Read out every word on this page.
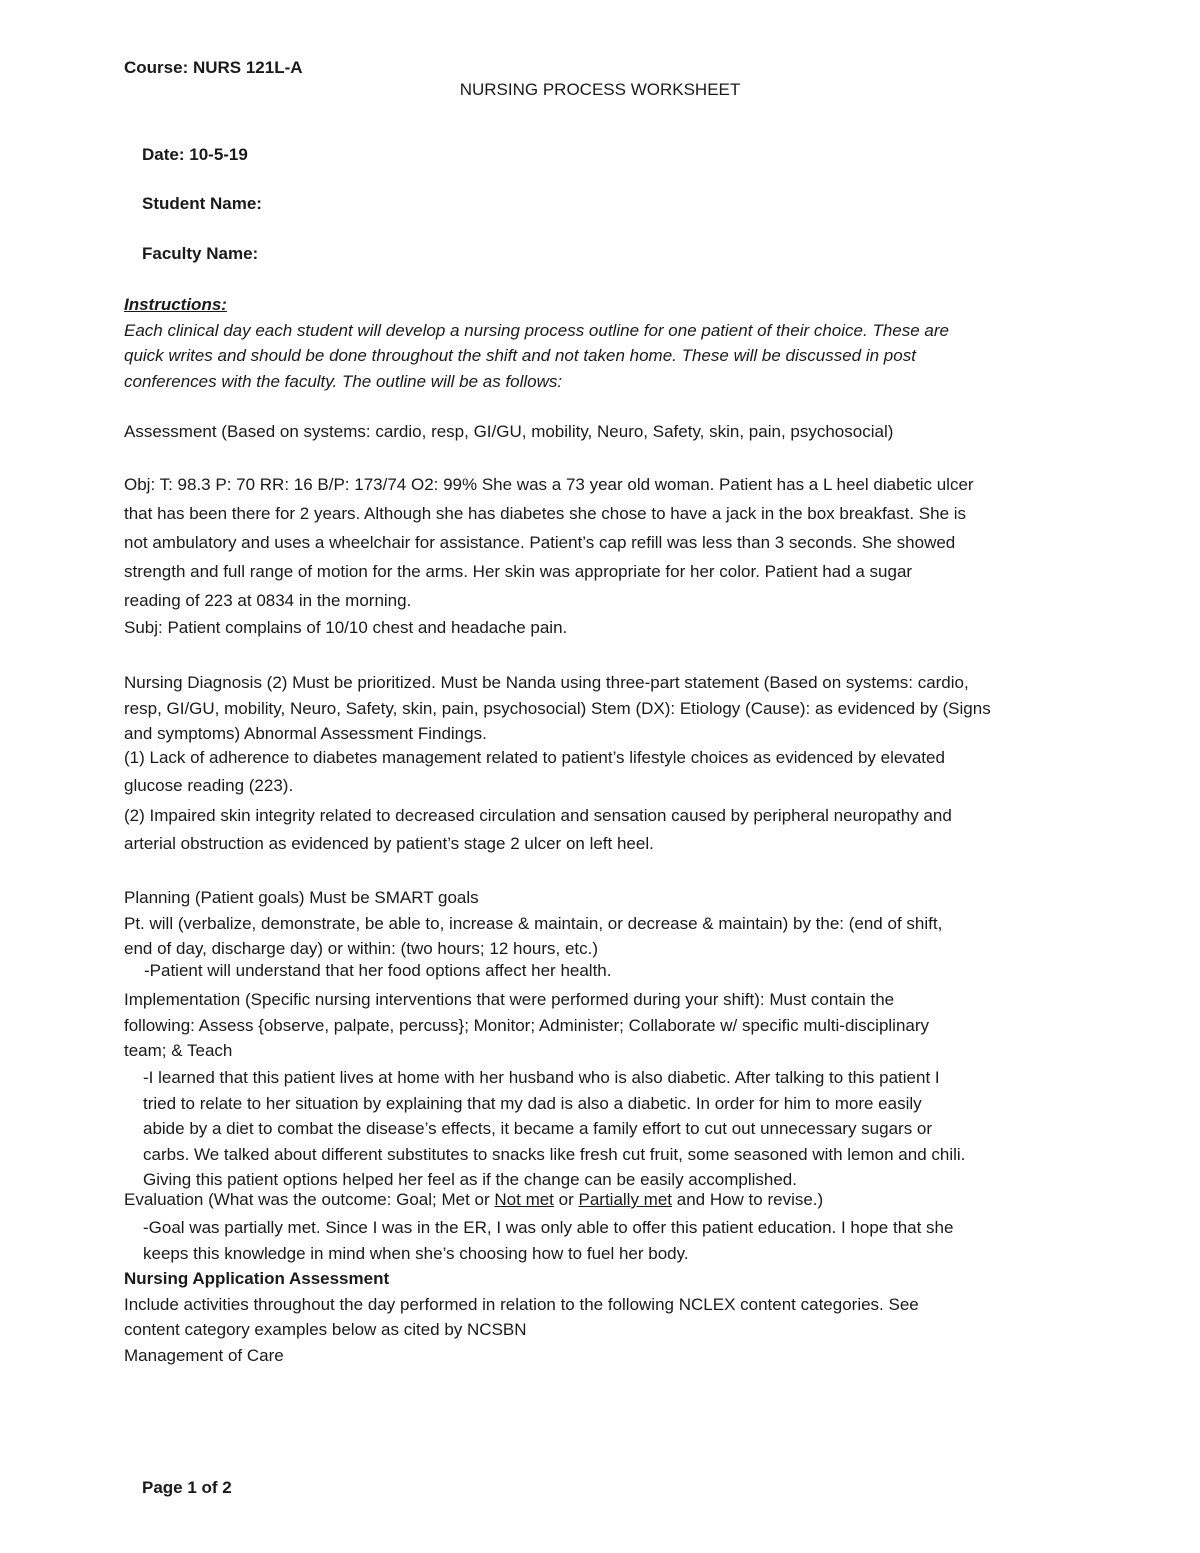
Course: NURS 121L-A
NURSING PROCESS WORKSHEET
Date: 10-5-19
Student Name:
Faculty Name:

Instructions:

Each clinical day each student will develop a nursing process outline for one patient of their choice. These are

quick writes and should be done throughout the shift and not taken home. These will be discussed in post

conferences with the faculty. The outline will be as follows:

Assessment (Based on systems: cardio, resp, GI/GU, mobility, Neuro, Safety, skin, pain, psychosocial)

Obj: T: 98.3 P: 70 RR: 16 B/P: 173/74 O2: 99% She was a 73 year old woman. Patient has a L heel diabetic ulcer

that has been there for 2 years. Although she has diabetes she chose to have a jack in the box breakfast. She is

not ambulatory and uses a wheelchair for assistance. Patient’s cap refill was less than 3 seconds. She showed

strength and full range of motion for the arms. Her skin was appropriate for her color. Patient had a sugar

reading of 223 at 0834 in the morning.

Subj: Patient complains of 10/10 chest and headache pain.

Nursing Diagnosis (2) Must be prioritized. Must be Nanda using three-part statement (Based on systems: cardio,

resp, GI/GU, mobility, Neuro, Safety, skin, pain, psychosocial) Stem (DX): Etiology (Cause): as evidenced by (Signs

and symptoms) Abnormal Assessment Findings.

(1) Lack of adherence to diabetes management related to patient’s lifestyle choices as evidenced by elevated

glucose reading (223).

(2) Impaired skin integrity related to decreased circulation and sensation caused by peripheral neuropathy and

arterial obstruction as evidenced by patient’s stage 2 ulcer on left heel.

Planning (Patient goals) Must be SMART goals

Pt. will (verbalize, demonstrate, be able to, increase & maintain, or decrease & maintain) by the: (end of shift,

end of day, discharge day) or within: (two hours; 12 hours, etc.)

-Patient will understand that her food options affect her health.

Implementation (Specific nursing interventions that were performed during your shift): Must contain the

following: Assess {observe, palpate, percuss}; Monitor; Administer; Collaborate w/ specific multi-disciplinary

team; & Teach

-I learned that this patient lives at home with her husband who is also diabetic. After talking to this patient I

tried to relate to her situation by explaining that my dad is also a diabetic. In order for him to more easily

abide by a diet to combat the disease’s effects, it became a family effort to cut out unnecessary sugars or

carbs. We talked about different substitutes to snacks like fresh cut fruit, some seasoned with lemon and chili.

Giving this patient options helped her feel as if the change can be easily accomplished.

Evaluation (What was the outcome: Goal; Met or Not met or Partially met and How to revise.)

-Goal was partially met. Since I was in the ER, I was only able to offer this patient education. I hope that she

keeps this knowledge in mind when she’s choosing how to fuel her body.

Nursing Application Assessment

Include activities throughout the day performed in relation to the following NCLEX content categories. See

content category examples below as cited by NCSBN

Management of Care

Page 1 of 2
